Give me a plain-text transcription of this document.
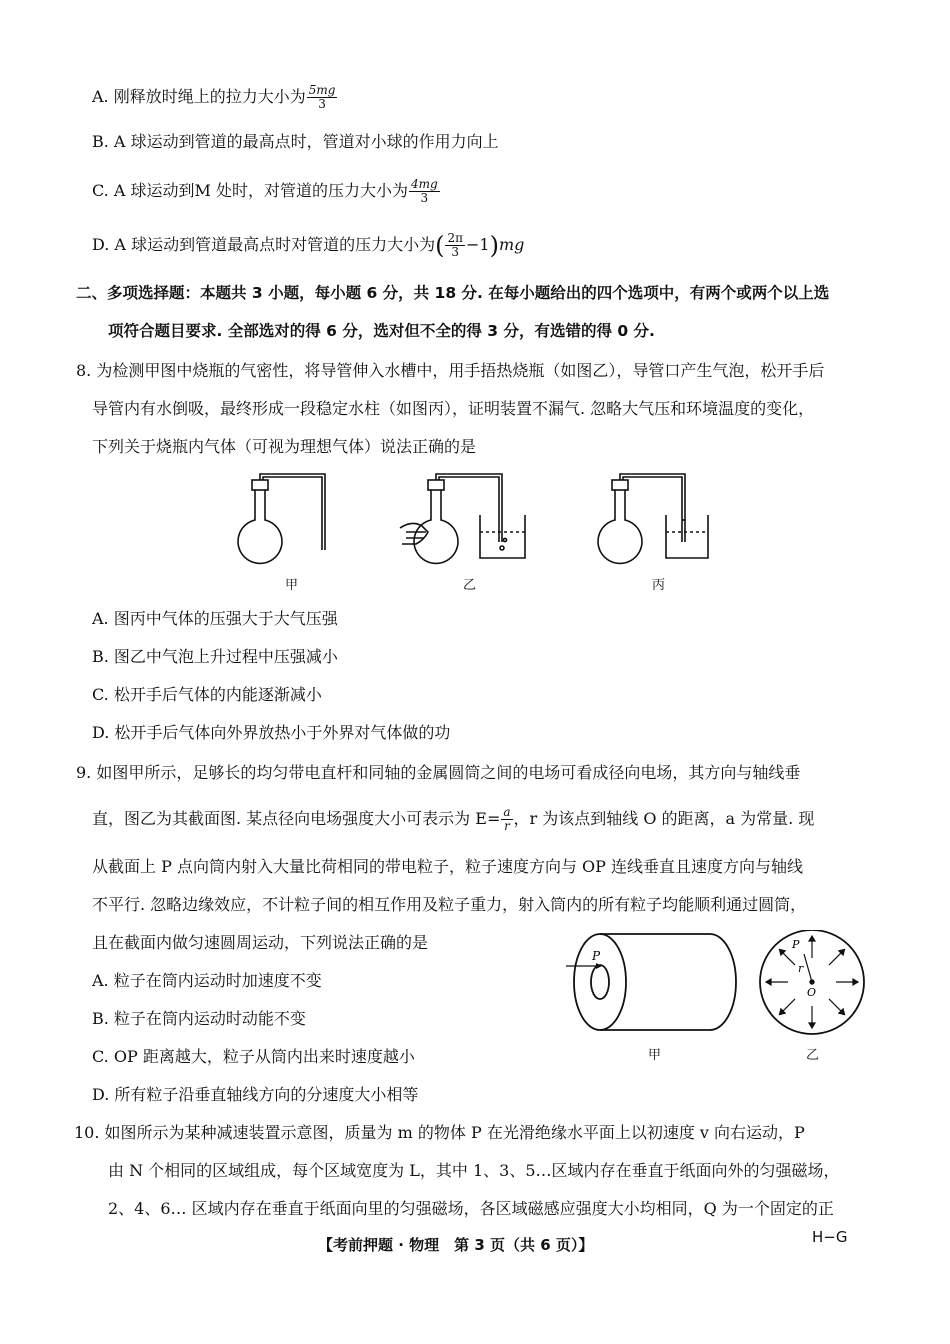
A. 刚释放时绳上的拉力大小为 $\frac{5mg}{3}$
B. A 球运动到管道的最高点时，管道对小球的作用力向上
C. A 球运动到M 处时，对管道的压力大小为 $\frac{4mg}{3}$
D. A 球运动到管道最高点时对管道的压力大小为( $\frac{2\pi}{3} -1)mg$
二、多项选择题：本题共 3 小题，每小题 6 分，共 18 分. 在每小题给出的四个选项中，有两个或两个以上选
项符合题目要求. 全部选对的得 6 分，选对但不全的得 3 分，有选错的得 0 分.
8. 为检测甲图中烧瓶的气密性，将导管伸入水槽中，用手捂热烧瓶（如图乙），导管口产生气泡，松开手后
导管内有水倒吸，最终形成一段稳定水柱（如图丙），证明装置不漏气. 忽略大气压和环境温度的变化，
下列关于烧瓶内气体（可视为理想气体）说法正确的是
甲	乙	丙
A. 图丙中气体的压强大于大气压强
B. 图乙中气泡上升过程中压强减小
C. 松开手后气体的内能逐渐减小
D. 松开手后气体向外界放热小于外界对气体做的功
9. 如图甲所示，足够长的均匀带电直杆和同轴的金属圆筒之间的电场可看成径向电场，其方向与轴线垂
直，图乙为其截面图. 某点径向电场强度大小可表示为 $E= \frac{a}{r}$ ，r 为该点到轴线 O 的距离，a 为常量. 现
从截面上 P 点向筒内射入大量比荷相同的带电粒子，粒子速度方向与 OP 连线垂直且速度方向与轴线
不平行. 忽略边缘效应，不计粒子间的相互作用及粒子重力，射入筒内的所有粒子均能顺利通过圆筒，
且在截面内做匀速圆周运动，下列说法正确的是
A. 粒子在筒内运动时加速度不变
B. 粒子在筒内运动时动能不变
C. OP 距离越大，粒子从筒内出来时速度越小
D. 所有粒子沿垂直轴线方向的分速度大小相等
P
P
r
O
甲	乙
10. 如图所示为某种减速装置示意图，质量为 m 的物体 P 在光滑绝缘水平面上以初速度 v 向右运动，P
由 N 个相同的区域组成，每个区域宽度为 L，其中 1、3、5…区域内存在垂直于纸面向外的匀强磁场，
2、4、6… 区域内存在垂直于纸面向里的匀强磁场，各区域磁感应强度大小均相同，Q 为一个固定的正
【考前押题 · 物理　第 3 页（共 6 页）】	H−G
